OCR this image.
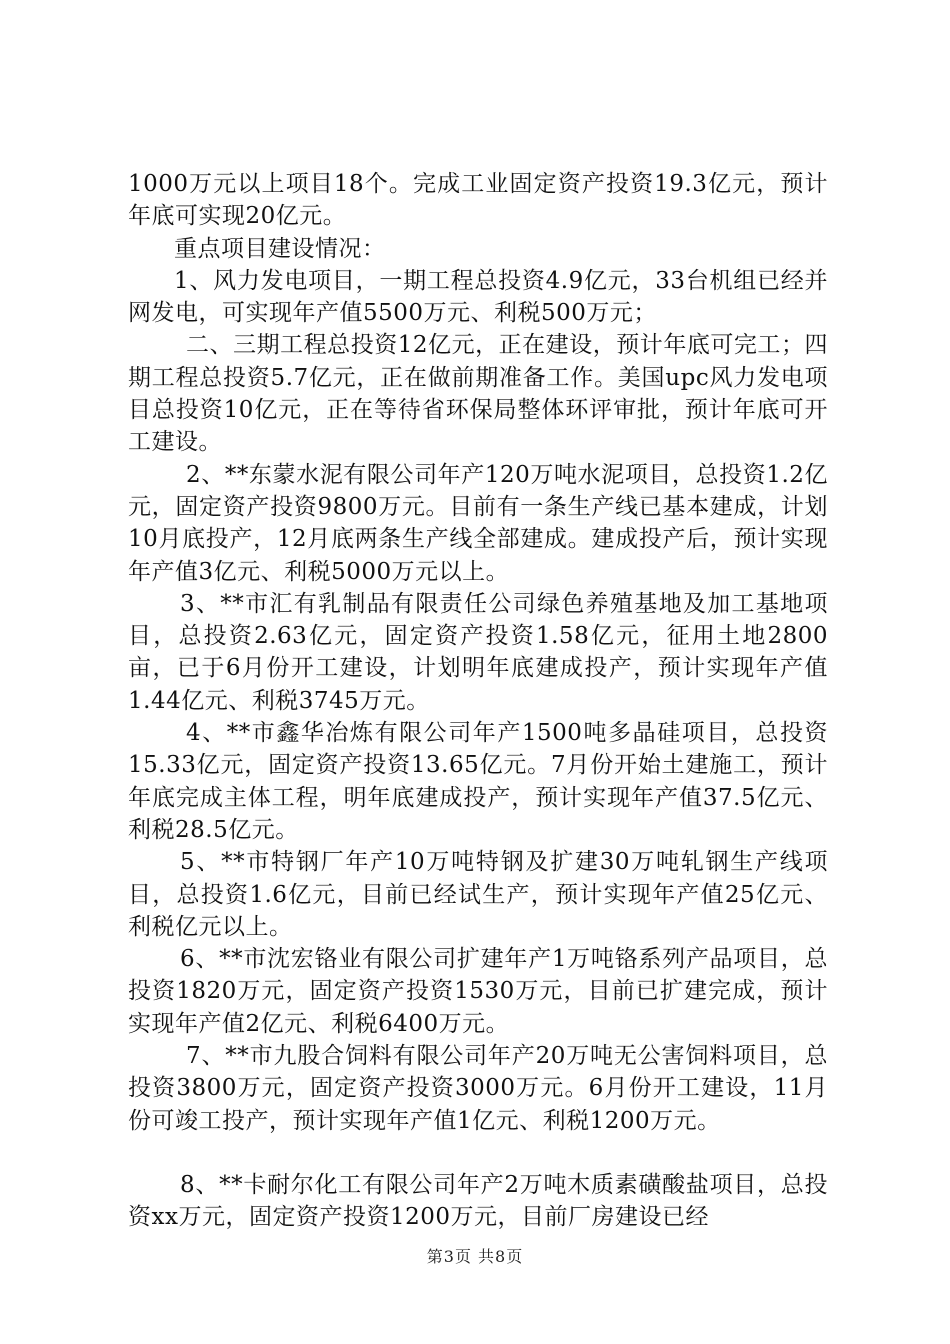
1000万元以上项目18个。完成工业固定资产投资19.3亿元，预计年底可实现20亿元。

重点项目建设情况：

1、风力发电项目，一期工程总投资4.9亿元，33台机组已经并网发电，可实现年产值5500万元、利税500万元；

二、三期工程总投资12亿元，正在建设，预计年底可完工；四期工程总投资5.7亿元，正在做前期准备工作。美国upc风力发电项目总投资10亿元，正在等待省环保局整体环评审批，预计年底可开工建设。

2、**东蒙水泥有限公司年产120万吨水泥项目，总投资1.2亿元，固定资产投资9800万元。目前有一条生产线已基本建成，计划10月底投产，12月底两条生产线全部建成。建成投产后，预计实现年产值3亿元、利税5000万元以上。

3、**市汇有乳制品有限责任公司绿色养殖基地及加工基地项目，总投资2.63亿元，固定资产投资1.58亿元，征用土地2800亩，已于6月份开工建设，计划明年底建成投产，预计实现年产值1.44亿元、利税3745万元。

4、**市鑫华冶炼有限公司年产1500吨多晶硅项目，总投资15.33亿元，固定资产投资13.65亿元。7月份开始土建施工，预计年底完成主体工程，明年底建成投产，预计实现年产值37.5亿元、利税28.5亿元。

5、**市特钢厂年产10万吨特钢及扩建30万吨轧钢生产线项目，总投资1.6亿元，目前已经试生产，预计实现年产值25亿元、利税亿元以上。

6、**市沈宏铬业有限公司扩建年产1万吨铬系列产品项目，总投资1820万元，固定资产投资1530万元，目前已扩建完成，预计实现年产值2亿元、利税6400万元。

7、**市九股合饲料有限公司年产20万吨无公害饲料项目，总投资3800万元，固定资产投资3000万元。6月份开工建设，11月份可竣工投产，预计实现年产值1亿元、利税1200万元。

8、**卡耐尔化工有限公司年产2万吨木质素磺酸盐项目，总投资xx万元，固定资产投资1200万元，目前厂房建设已经

第3页 共8页
